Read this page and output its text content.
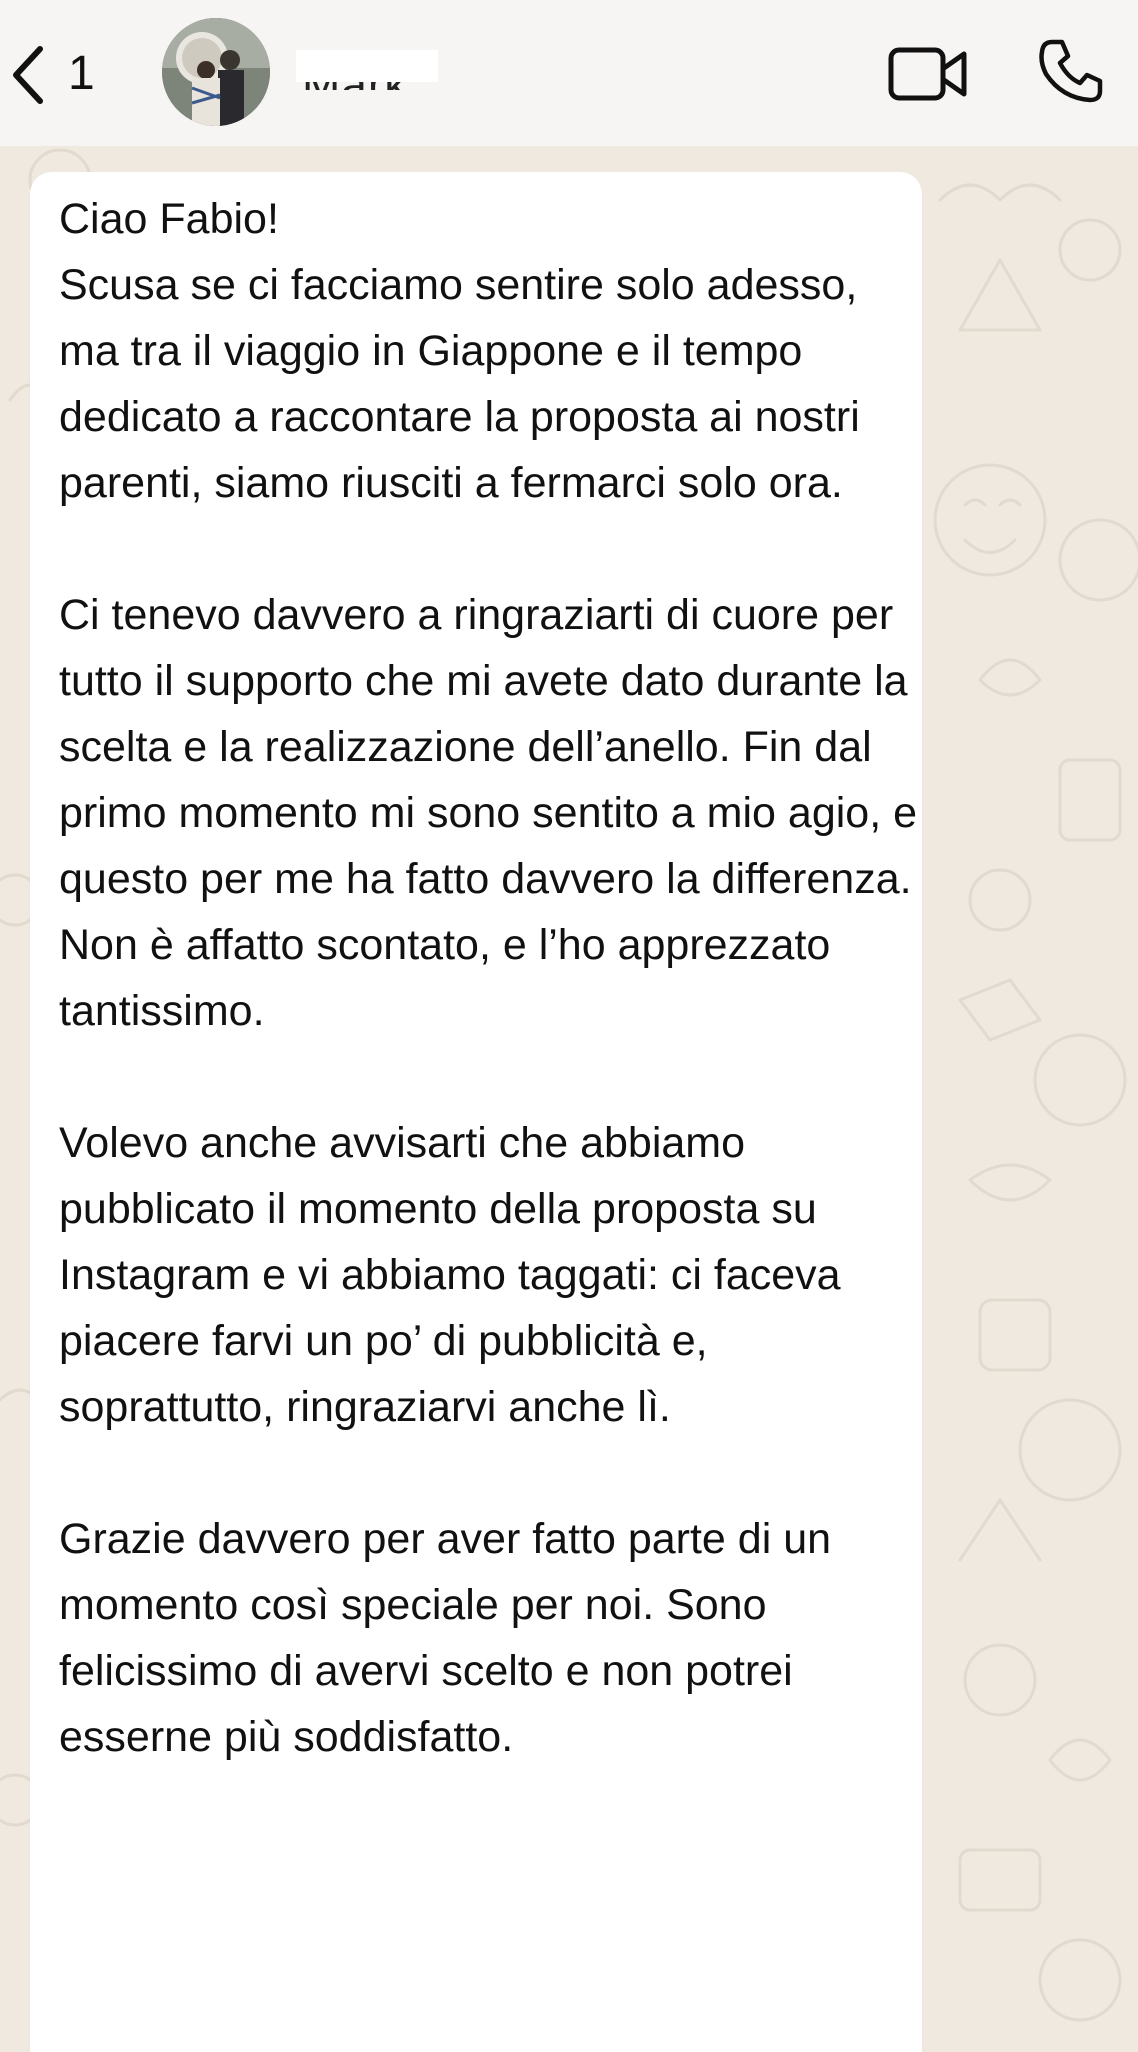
1
Ciao Fabio!
Scusa se ci facciamo sentire solo adesso, ma tra il viaggio in Giappone e il tempo dedicato a raccontare la proposta ai nostri parenti, siamo riusciti a fermarci solo ora.

Ci tenevo davvero a ringraziarti di cuore per tutto il supporto che mi avete dato durante la scelta e la realizzazione dell’anello. Fin dal primo momento mi sono sentito a mio agio, e questo per me ha fatto davvero la differenza. Non è affatto scontato, e l’ho apprezzato tantissimo.

Volevo anche avvisarti che abbiamo pubblicato il momento della proposta su Instagram e vi abbiamo taggati: ci faceva piacere farvi un po’ di pubblicità e, soprattutto, ringraziarvi anche lì.

Grazie davvero per aver fatto parte di un momento così speciale per noi. Sono felicissimo di avervi scelto e non potrei esserne più soddisfatto.
